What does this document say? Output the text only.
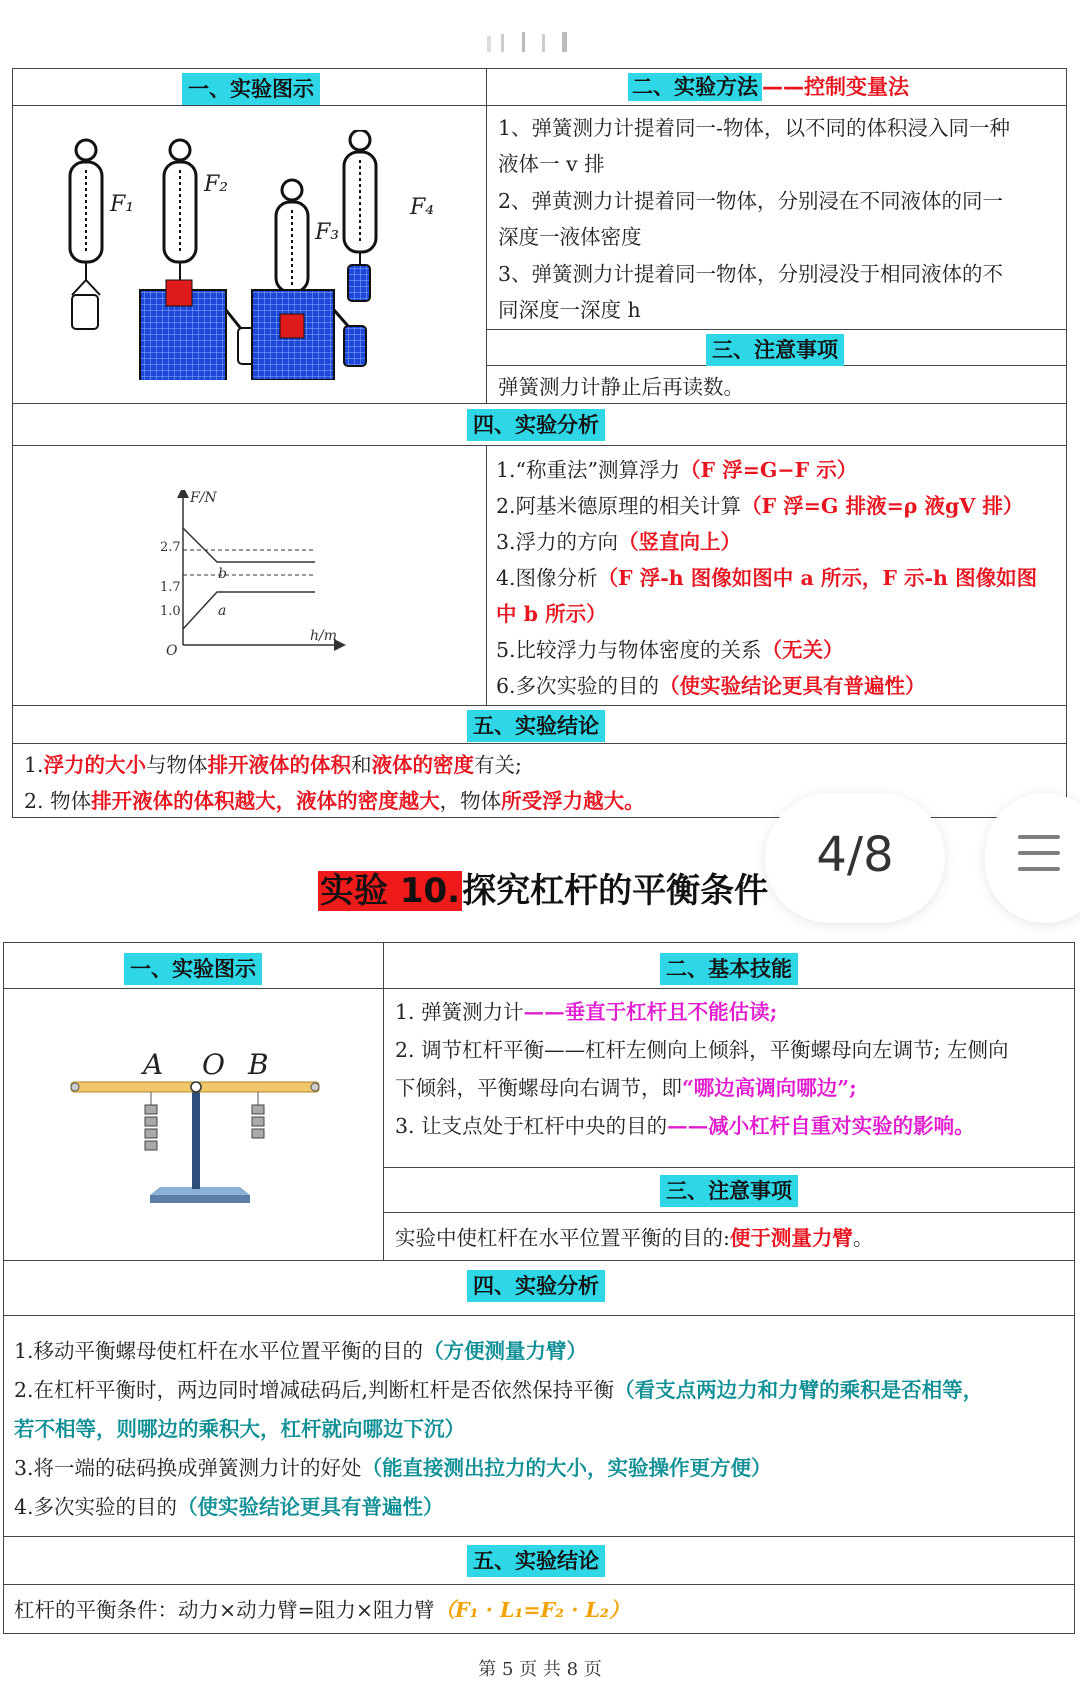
一、实验图示	二、实验方法 ——控制变量法
F₁
F₂
F₃
F₄
1、弹簧测力计提着同一-物体，以不同的体积浸入同一种
液体一 v 排
2、弹黄测力计提着同一物体，分别浸在不同液体的同一
深度一液体密度
3、弹簧测力计提着同一物体，分别浸没于相同液体的不
同深度一深度 h
三、注意事项
弹簧测力计静止后再读数。
四、实验分析
F/N
h/m
O
2.7
1.7
1.0
b
a
1.“称重法”测算浮力（F 浮=G−F 示）
2.阿基米德原理的相关计算（F 浮=G 排液=ρ 液gV 排）
3.浮力的方向（竖直向上）
4.图像分析（F 浮-h 图像如图中 a 所示，F 示-h 图像如图
中 b 所示）
5.比较浮力与物体密度的关系（无关）
6.多次实验的目的（使实验结论更具有普遍性）
五、实验结论
1.浮力的大小与物体排开液体的体积和液体的密度有关;
2. 物体排开液体的体积越大，液体的密度越大，物体所受浮力越大。
4/8
实验 10.探究杠杆的平衡条件
一、实验图示	二、基本技能
A O B
1. 弹簧测力计——垂直于杠杆且不能估读;
2. 调节杠杆平衡——杠杆左侧向上倾斜，平衡螺母向左调节; 左侧向
下倾斜，平衡螺母向右调节，即“哪边高调向哪边”;
3. 让支点处于杠杆中央的目的——减小杠杆自重对实验的影响。
三、注意事项
实验中使杠杆在水平位置平衡的目的:便于测量力臂。
四、实验分析
1.移动平衡螺母使杠杆在水平位置平衡的目的（方便测量力臂）
2.在杠杆平衡时，两边同时增减砝码后,判断杠杆是否依然保持平衡（看支点两边力和力臂的乘积是否相等，
若不相等，则哪边的乘积大，杠杆就向哪边下沉）
3.将一端的砝码换成弹簧测力计的好处（能直接测出拉力的大小，实验操作更方便）
4.多次实验的目的（使实验结论更具有普遍性）
五、实验结论
杠杆的平衡条件：动力×动力臂=阻力×阻力臂（F₁ · L₁=F₂ · L₂）
第 5 页 共 8 页
